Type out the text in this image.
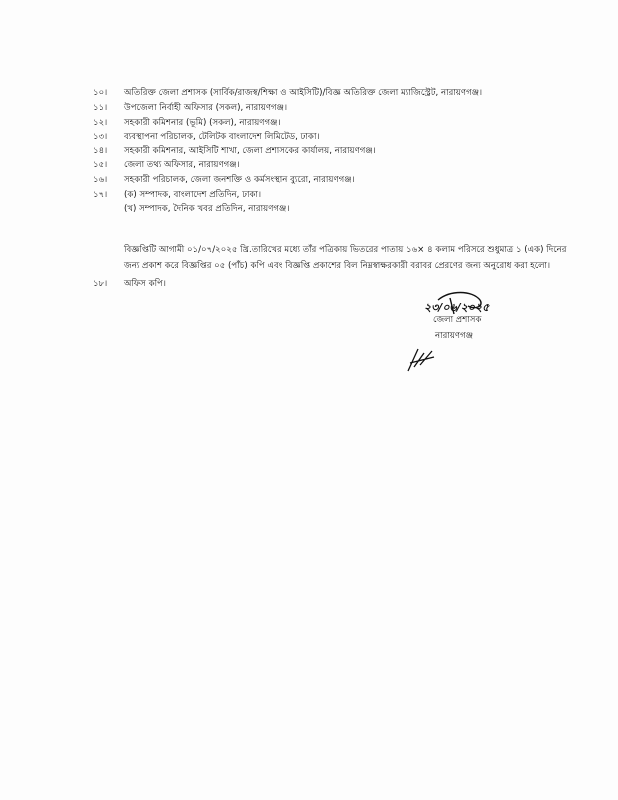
১০।	অতিরিক্ত জেলা প্রশাসক (সার্বিক/রাজস্ব/শিক্ষা ও আইসিটি)/বিজ্ঞ অতিরিক্ত জেলা ম্যাজিস্ট্রেট, নারায়ণগঞ্জ।
১১।	উপজেলা নির্বাহী অফিসার (সকল), নারায়ণগঞ্জ।
১২।	সহকারী কমিশনার (ভূমি) (সকল), নারায়ণগঞ্জ।
১৩।	ব্যবস্থাপনা পরিচালক, টেলিটক বাংলাদেশ লিমিটেড, ঢাকা।
১৪।	সহকারী কমিশনার, আইসিটি শাখা, জেলা প্রশাসকের কার্যালয়, নারায়ণগঞ্জ।
১৫।	জেলা তথ্য অফিসার, নারায়ণগঞ্জ।
১৬।	সহকারী পরিচালক, জেলা জনশক্তি ও কর্মসংস্থান ব্যুরো, নারায়ণগঞ্জ।
১৭।	(ক) সম্পাদক, বাংলাদেশ প্রতিদিন, ঢাকা।
(খ) সম্পাদক, দৈনিক খবর প্রতিদিন, নারায়ণগঞ্জ।
বিজ্ঞপ্তিটি আগামী ০১/০৭/২০২৫ খ্রি.তারিখের মধ্যে তাঁর পত্রিকায় ভিতরের পাতায় ১৬× ৪ কলাম পরিসরে শুধুমাত্র ১ (এক) দিনের জন্য প্রকাশ করে বিজ্ঞপ্তির ০৫ (পাঁচ) কপি এবং বিজ্ঞপ্তি প্রকাশের বিল নিম্নস্বাক্ষরকারী বরাবর প্রেরণের জন্য অনুরোধ করা হলো।
১৮।	অফিস কপি।
২৩/০৬/২০২৫
জেলা প্রশাসক
নারায়ণগঞ্জ
